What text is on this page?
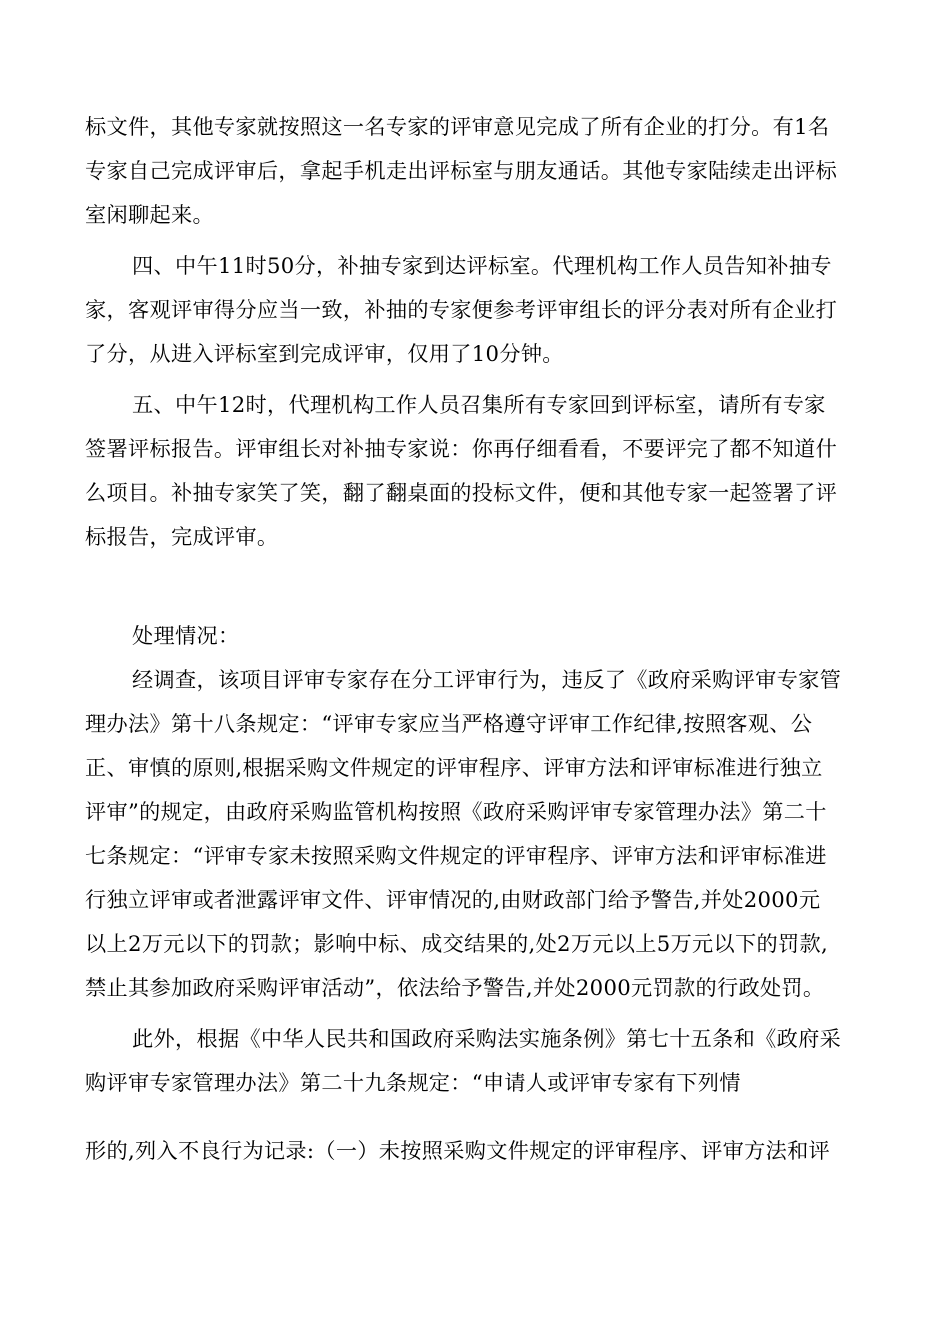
标文件，其他专家就按照这一名专家的评审意见完成了所有企业的打分。有1名
专家自己完成评审后，拿起手机走出评标室与朋友通话。其他专家陆续走出评标
室闲聊起来。
四、中午11时50分，补抽专家到达评标室。代理机构工作人员告知补抽专
家，客观评审得分应当一致，补抽的专家便参考评审组长的评分表对所有企业打
了分，从进入评标室到完成评审，仅用了10分钟。
五、中午12时，代理机构工作人员召集所有专家回到评标室，请所有专家
签署评标报告。评审组长对补抽专家说：你再仔细看看，不要评完了都不知道什
么项目。补抽专家笑了笑，翻了翻桌面的投标文件，便和其他专家一起签署了评
标报告，完成评审。
处理情况：
经调查，该项目评审专家存在分工评审行为，违反了《政府采购评审专家管
理办法》第十八条规定：“评审专家应当严格遵守评审工作纪律,按照客观、公
正、审慎的原则,根据采购文件规定的评审程序、评审方法和评审标准进行独立
评审”的规定，由政府采购监管机构按照《政府采购评审专家管理办法》第二十
七条规定：“评审专家未按照采购文件规定的评审程序、评审方法和评审标准进
行独立评审或者泄露评审文件、评审情况的,由财政部门给予警告,并处2000元
以上2万元以下的罚款；影响中标、成交结果的,处2万元以上5万元以下的罚款,
禁止其参加政府采购评审活动”，依法给予警告,并处2000元罚款的行政处罚。
此外，根据《中华人民共和国政府采购法实施条例》第七十五条和《政府采
购评审专家管理办法》第二十九条规定：“申请人或评审专家有下列情
形的,列入不良行为记录:（一）未按照采购文件规定的评审程序、评审方法和评
